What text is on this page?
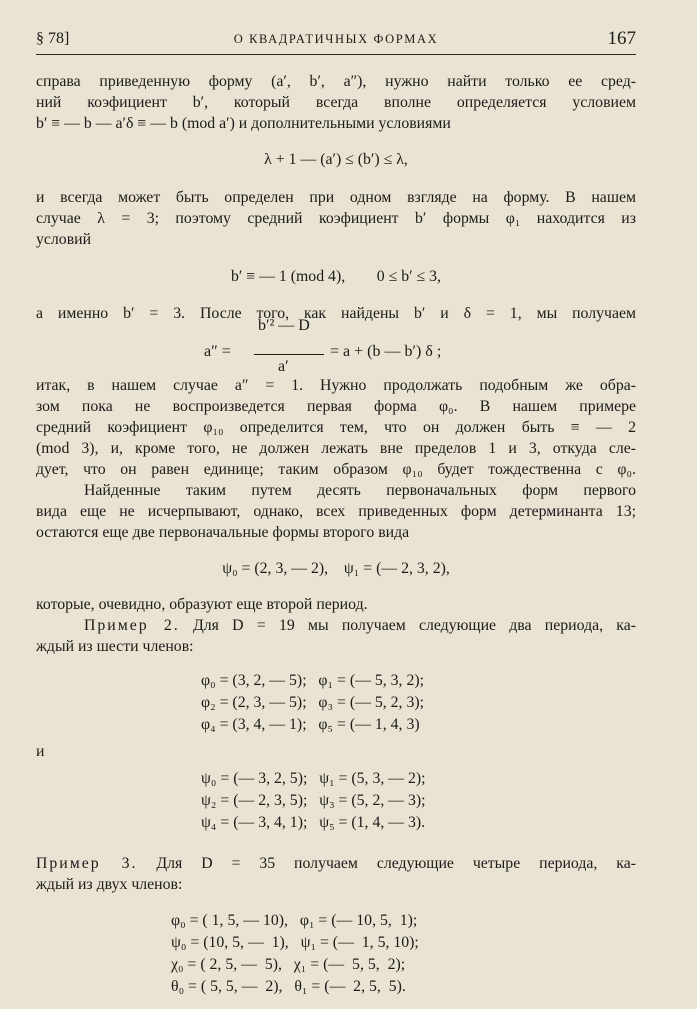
§ 78]	О КВАДРАТИЧНЫХ ФОРМАХ	167
справа приведенную форму (a′, b′, a″), нужно найти только ее сред-
ний коэфициент b′, который всегда вполне определяется условием
b′ ≡ — b — a′δ ≡ — b (mod a′) и дополнительными условиями
λ + 1 — (a′) ≤ (b′) ≤ λ,
и всегда может быть определен при одном взгляде на форму. В нашем
случае λ = 3; поэтому средний коэфициент b′ формы φ₁ находится из
условий
b′ ≡ — 1 (mod 4),        0 ≤ b′ ≤ 3,
а именно b′ = 3. После того, как найдены b′ и δ = 1, мы получаем
a″ =
b′² — D
a′
= a + (b — b′) δ ;
итак, в нашем случае a″ = 1. Нужно продолжать подобным же обра-
зом пока не воспроизведется первая форма φ₀. В нашем примере
средний коэфициент φ₁₀ определится тем, что он должен быть ≡ — 2
(mod 3), и, кроме того, не должен лежать вне пределов 1 и 3, откуда сле-
дует, что он равен единице; таким образом φ₁₀ будет тождественна с φ₀.
Найденные таким путем десять первоначальных форм первого
вида еще не исчерпывают, однако, всех приведенных форм детерминанта 13;
остаются еще две первоначальные формы второго вида
ψ₀ = (2, 3, — 2),    ψ₁ = (— 2, 3, 2),
которые, очевидно, образуют еще второй период.
Пример 2. Для D = 19 мы получаем следующие два периода, ка-
ждый из шести членов:
φ₀ = (3, 2, — 5);   φ₁ = (— 5, 3, 2);
φ₂ = (2, 3, — 5);   φ₃ = (— 5, 2, 3);
φ₄ = (3, 4, — 1);   φ₅ = (— 1, 4, 3)
и
ψ₀ = (— 3, 2, 5);   ψ₁ = (5, 3, — 2);
ψ₂ = (— 2, 3, 5);   ψ₃ = (5, 2, — 3);
ψ₄ = (— 3, 4, 1);   ψ₅ = (1, 4, — 3).
Пример 3. Для D = 35 получаем следующие четыре периода, ка-
ждый из двух членов:
φ₀ = ( 1, 5, — 10),   φ₁ = (— 10, 5,  1);
ψ₀ = (10, 5, —  1),   ψ₁ = (—  1, 5, 10);
χ₀ = ( 2, 5, —  5),   χ₁ = (—  5, 5,  2);
θ₀ = ( 5, 5, —  2),   θ₁ = (—  2, 5,  5).
